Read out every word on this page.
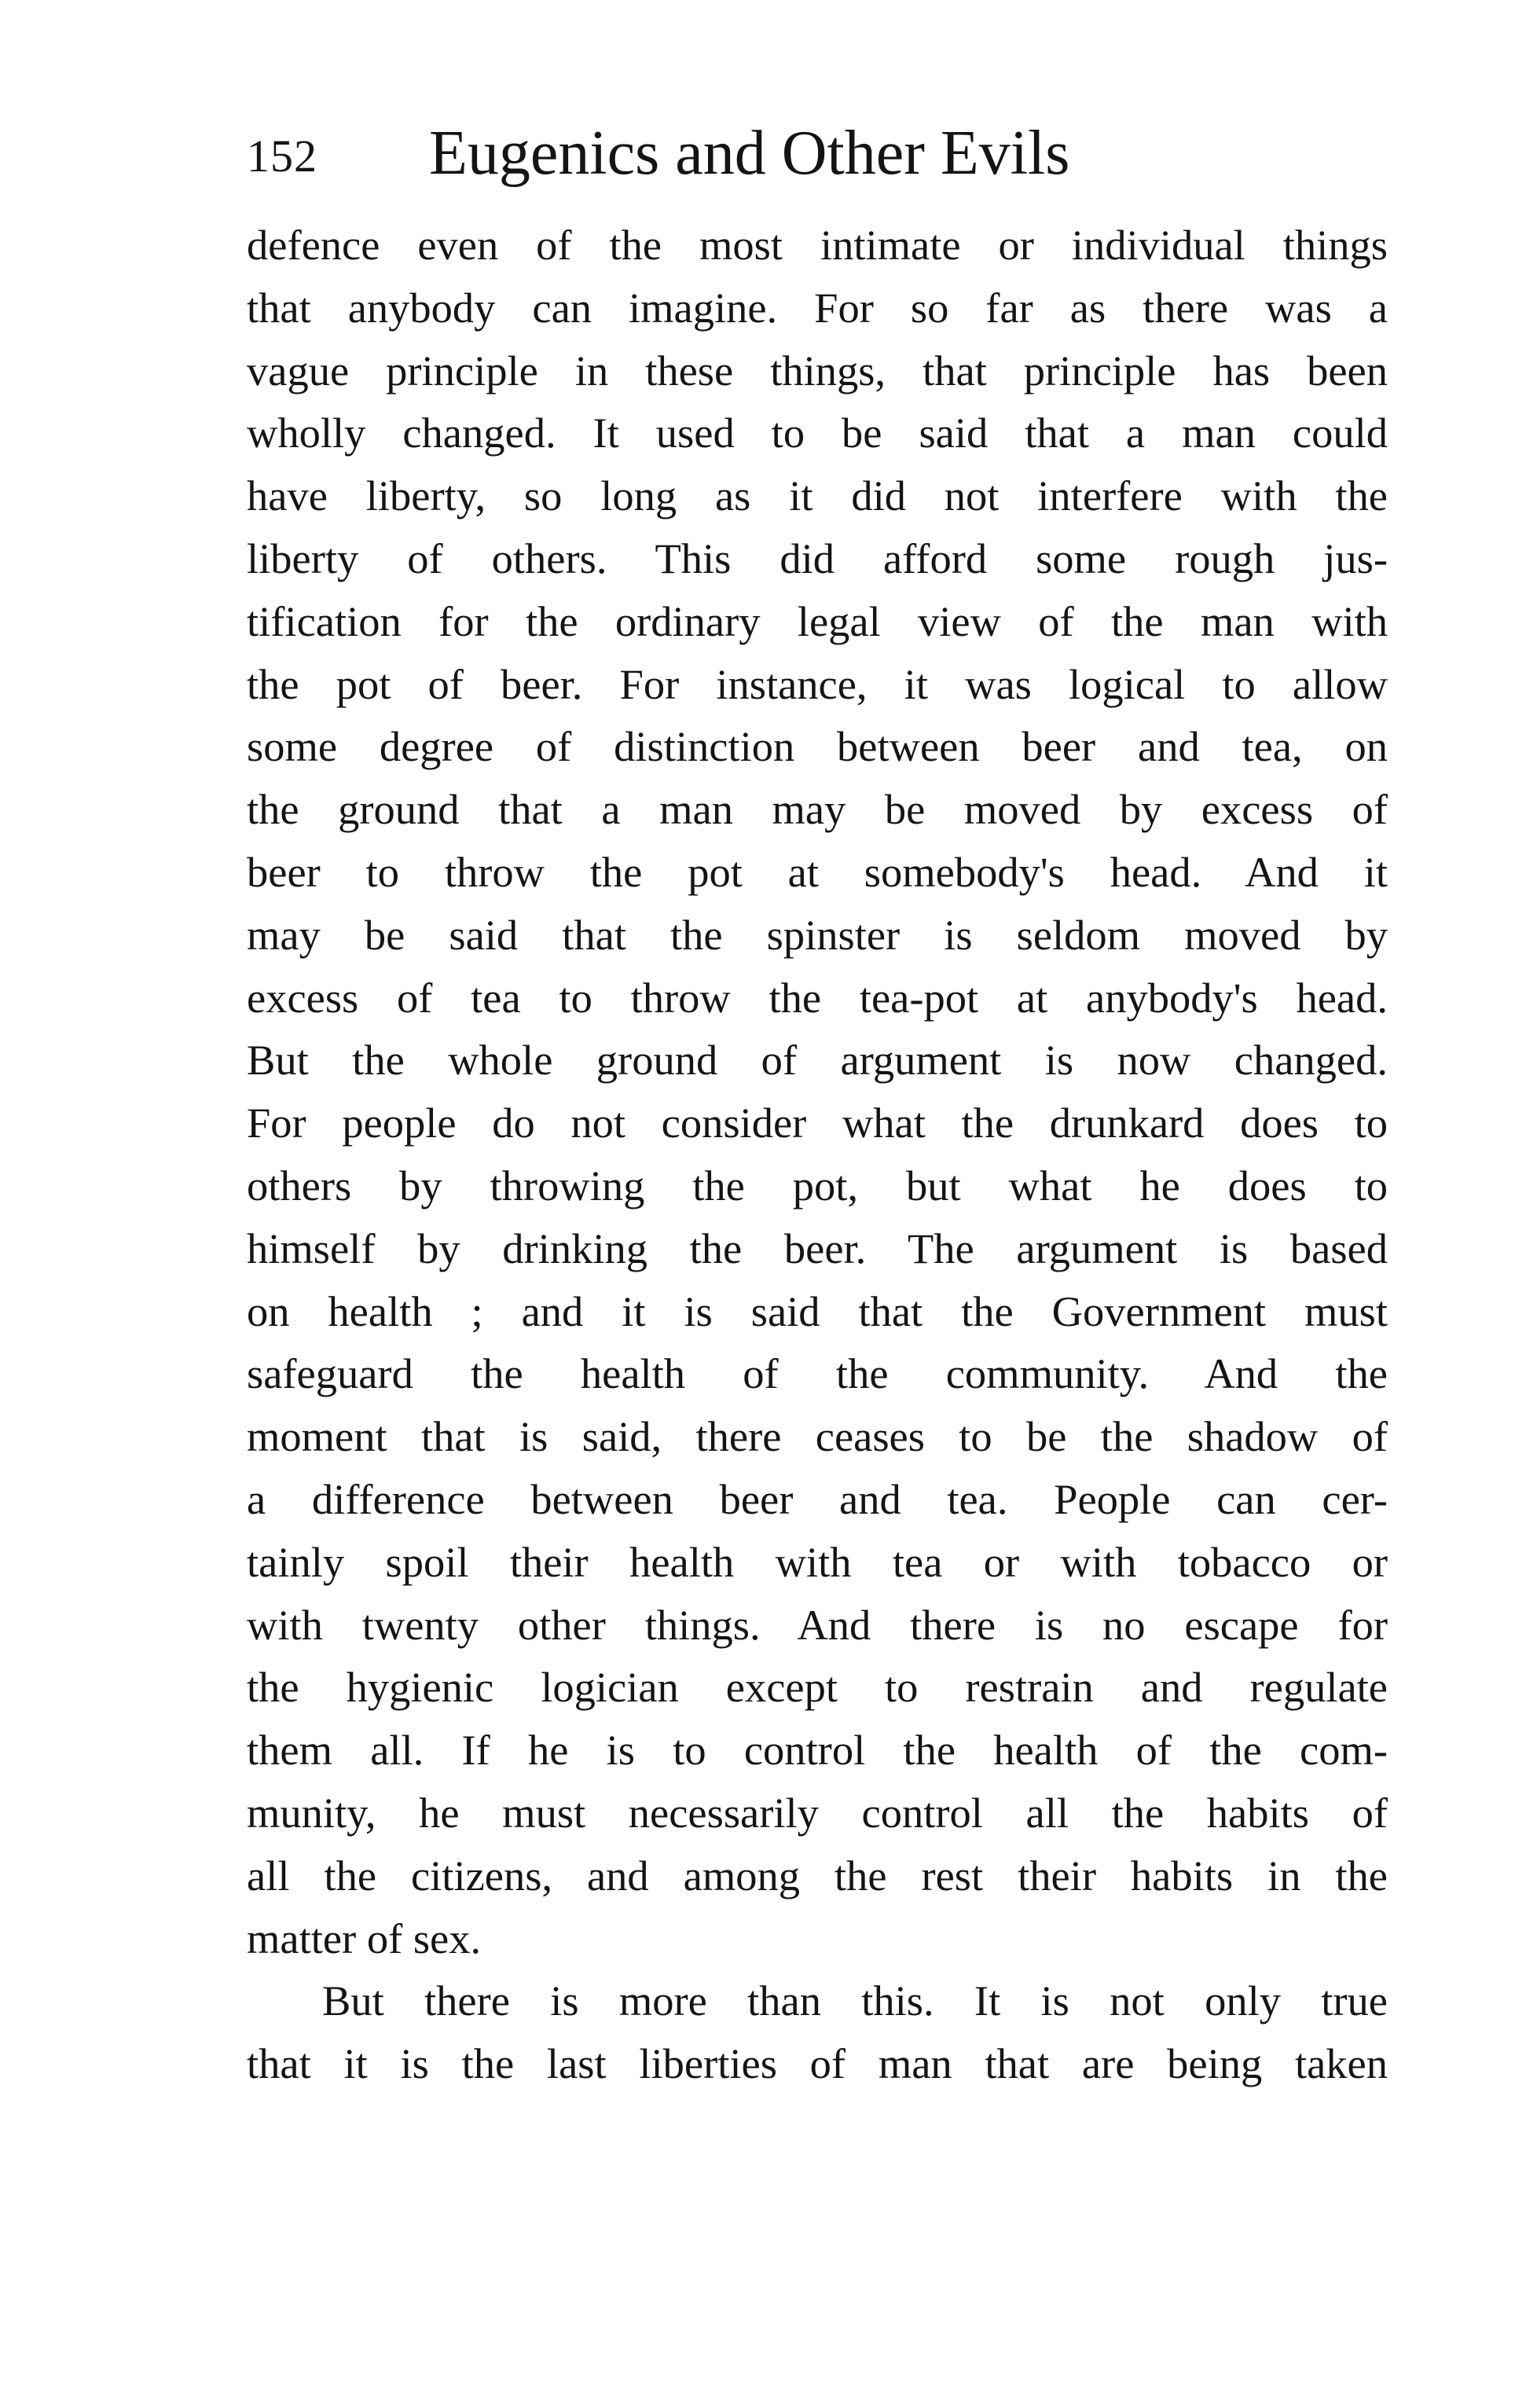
152 Eugenics and Other Evils
defence even of the most intimate or individual things
that anybody can imagine. For so far as there was a
vague principle in these things, that principle has been
wholly changed. It used to be said that a man could
have liberty, so long as it did not interfere with the
liberty of others. This did afford some rough jus-
tification for the ordinary legal view of the man with
the pot of beer. For instance, it was logical to allow
some degree of distinction between beer and tea, on
the ground that a man may be moved by excess of
beer to throw the pot at somebody's head. And it
may be said that the spinster is seldom moved by
excess of tea to throw the tea-pot at anybody's head.
But the whole ground of argument is now changed.
For people do not consider what the drunkard does to
others by throwing the pot, but what he does to
himself by drinking the beer. The argument is based
on health ; and it is said that the Government must
safeguard the health of the community. And the
moment that is said, there ceases to be the shadow of
a difference between beer and tea. People can cer-
tainly spoil their health with tea or with tobacco or
with twenty other things. And there is no escape for
the hygienic logician except to restrain and regulate
them all. If he is to control the health of the com-
munity, he must necessarily control all the habits of
all the citizens, and among the rest their habits in the
matter of sex.
But there is more than this. It is not only true
that it is the last liberties of man that are being taken
